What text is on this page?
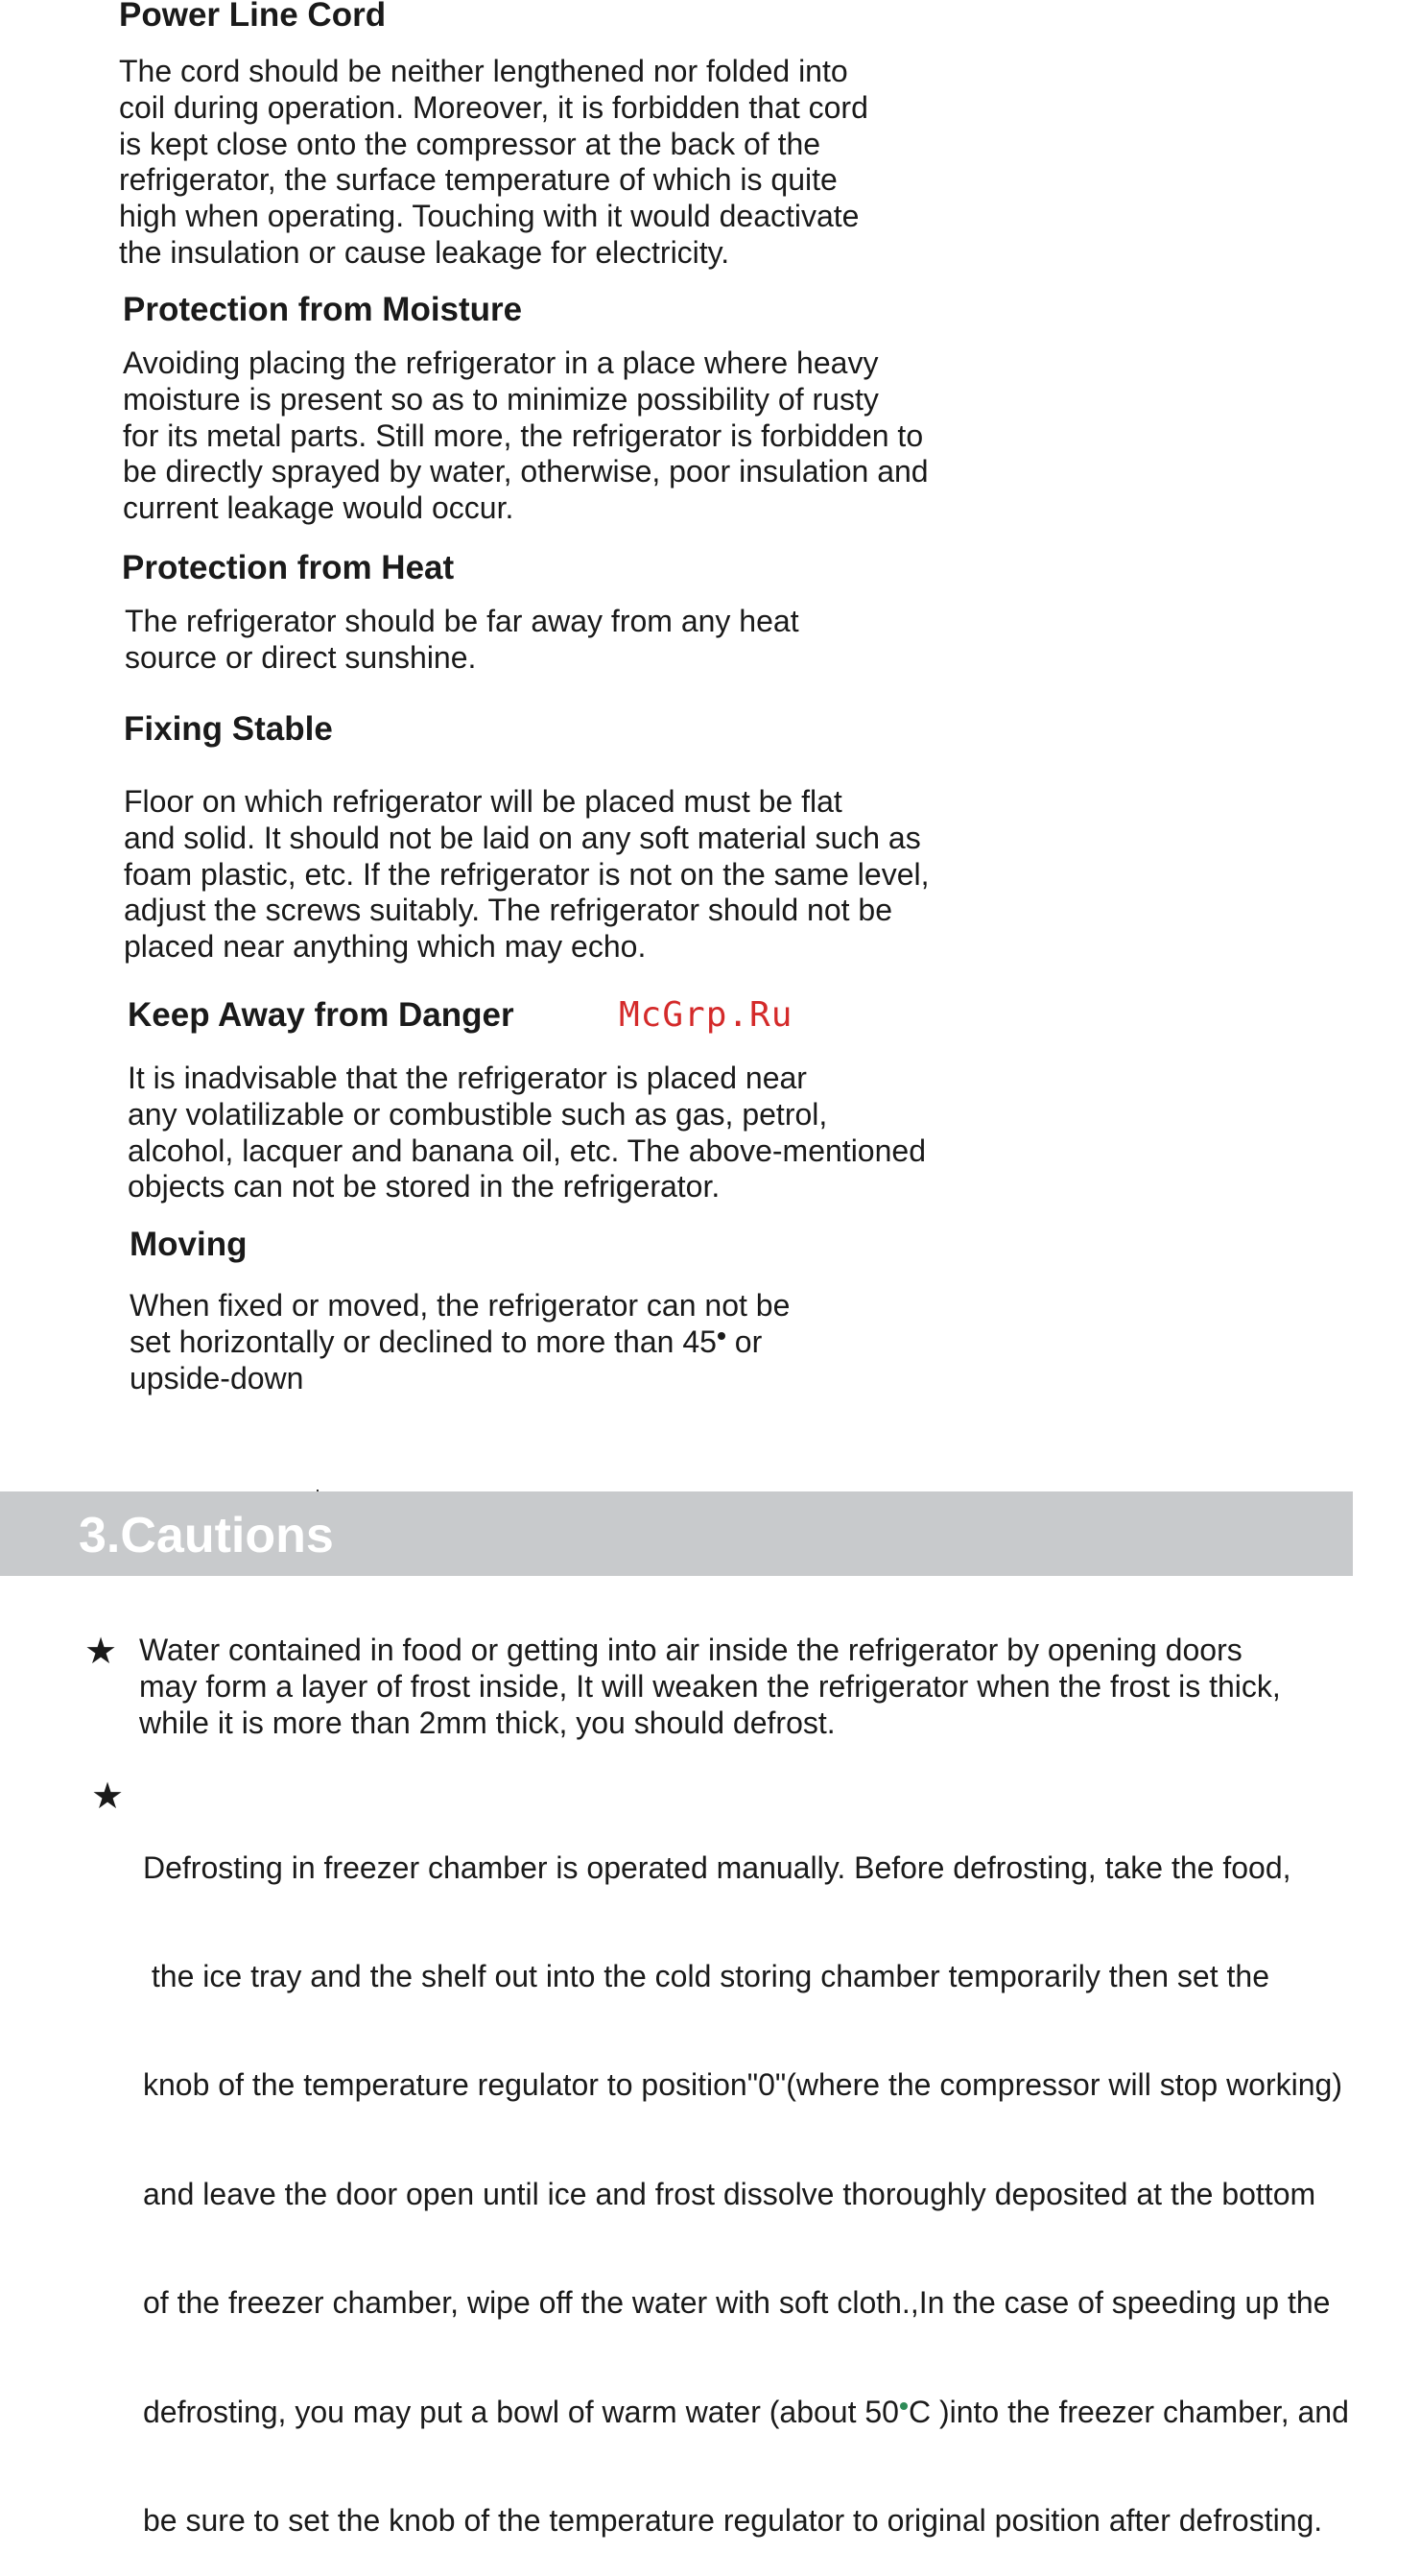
Power Line Cord
The cord should be neither lengthened nor folded into
coil during operation. Moreover, it is forbidden that cord
is kept close onto the compressor at the back of the
refrigerator, the surface temperature of which is quite
high when operating. Touching with it would deactivate
the insulation or cause leakage for electricity.
Protection from Moisture
Avoiding placing the refrigerator in a place where heavy
moisture is present so as to minimize possibility of rusty
for its metal parts. Still more, the refrigerator is forbidden to
be directly sprayed by water, otherwise, poor insulation and
current leakage would occur.
Protection from Heat
The refrigerator should be far away from any heat
source or direct sunshine.
Fixing Stable
Floor on which refrigerator will be placed must be flat
and solid. It should not be laid on any soft material such as
foam plastic, etc. If the refrigerator is not on the same level,
adjust the screws suitably. The refrigerator should not be
placed near anything which may echo.
Keep Away from Danger	McGrp.Ru
It is inadvisable that the refrigerator is placed near
any volatilizable or combustible such as gas, petrol,
alcohol, lacquer and banana oil, etc. The above-mentioned
objects can not be stored in the refrigerator.
Moving
When fixed or moved, the refrigerator can not be
set horizontally or declined to more than 45 or
upside-down
3.Cautions
★ Water contained in food or getting into air inside the refrigerator by opening doors
may form a layer of frost inside, It will weaken the refrigerator when the frost is thick,
while it is more than 2mm thick, you should defrost.
★

Defrosting in freezer chamber is operated manually. Before defrosting, take the food,

the ice tray and the shelf out into the cold storing chamber temporarily then set the

knob of the temperature regulator to position"0"(where the compressor will stop working)

and leave the door open until ice and frost dissolve thoroughly deposited at the bottom

of the freezer chamber, wipe off the water with soft cloth.,In the case of speeding up the

defrosting, you may put a bowl of warm water (about 50 C )into the freezer chamber, and

be sure to set the knob of the temperature regulator to original position after defrosting.
